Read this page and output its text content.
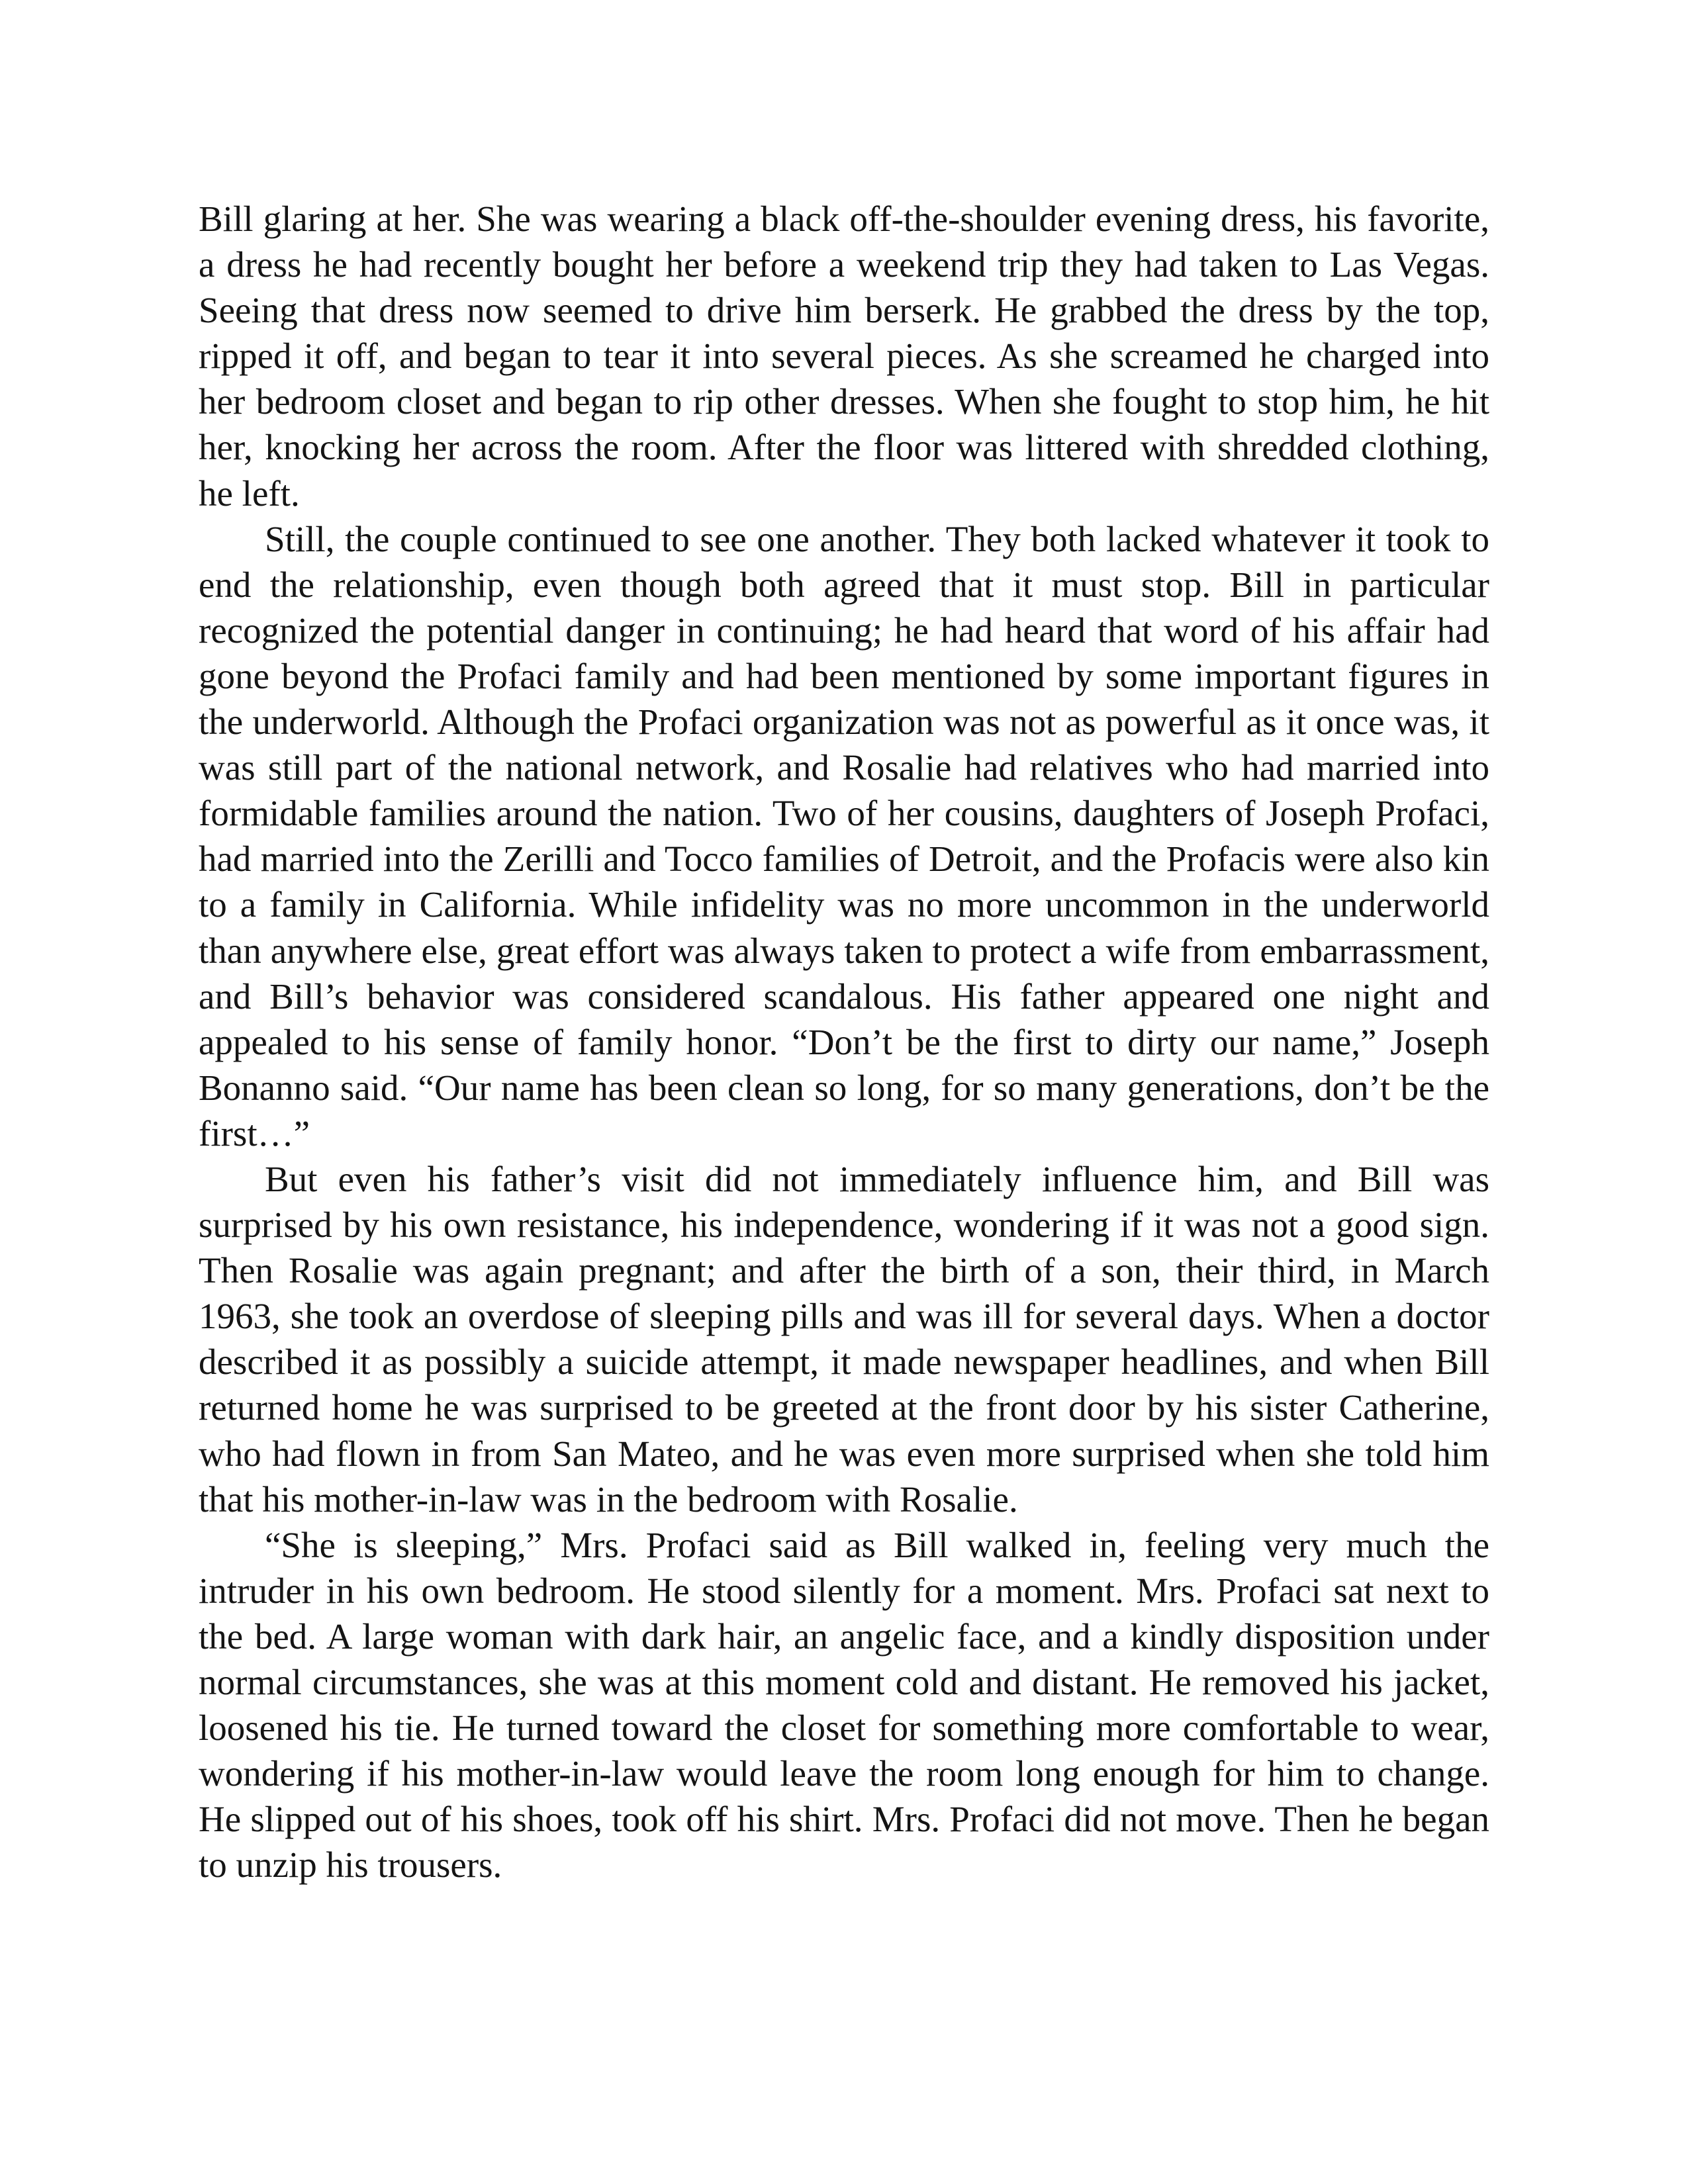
Bill glaring at her. She was wearing a black off-the-shoulder evening dress, his favorite, a dress he had recently bought her before a weekend trip they had taken to Las Vegas. Seeing that dress now seemed to drive him berserk. He grabbed the dress by the top, ripped it off, and began to tear it into several pieces. As she screamed he charged into her bedroom closet and began to rip other dresses. When she fought to stop him, he hit her, knocking her across the room. After the floor was littered with shredded clothing, he left.

Still, the couple continued to see one another. They both lacked whatever it took to end the relationship, even though both agreed that it must stop. Bill in particular recognized the potential danger in continuing; he had heard that word of his affair had gone beyond the Profaci family and had been mentioned by some important figures in the underworld. Although the Profaci organization was not as powerful as it once was, it was still part of the national network, and Rosalie had relatives who had married into formidable families around the nation. Two of her cousins, daughters of Joseph Profaci, had married into the Zerilli and Tocco families of Detroit, and the Profacis were also kin to a family in California. While infidelity was no more uncommon in the underworld than anywhere else, great effort was always taken to protect a wife from embarrassment, and Bill’s behavior was considered scandalous. His father appeared one night and appealed to his sense of family honor. “Don’t be the first to dirty our name,” Joseph Bonanno said. “Our name has been clean so long, for so many generations, don’t be the first…”

But even his father’s visit did not immediately influence him, and Bill was surprised by his own resistance, his independence, wondering if it was not a good sign. Then Rosalie was again pregnant; and after the birth of a son, their third, in March 1963, she took an overdose of sleeping pills and was ill for several days. When a doctor described it as possibly a suicide attempt, it made newspaper headlines, and when Bill returned home he was surprised to be greeted at the front door by his sister Catherine, who had flown in from San Mateo, and he was even more surprised when she told him that his mother-in-law was in the bedroom with Rosalie.

“She is sleeping,” Mrs. Profaci said as Bill walked in, feeling very much the intruder in his own bedroom. He stood silently for a moment. Mrs. Profaci sat next to the bed. A large woman with dark hair, an angelic face, and a kindly disposition under normal circumstances, she was at this moment cold and distant. He removed his jacket, loosened his tie. He turned toward the closet for something more comfortable to wear, wondering if his mother-in-law would leave the room long enough for him to change. He slipped out of his shoes, took off his shirt. Mrs. Profaci did not move. Then he began to unzip his trousers.
